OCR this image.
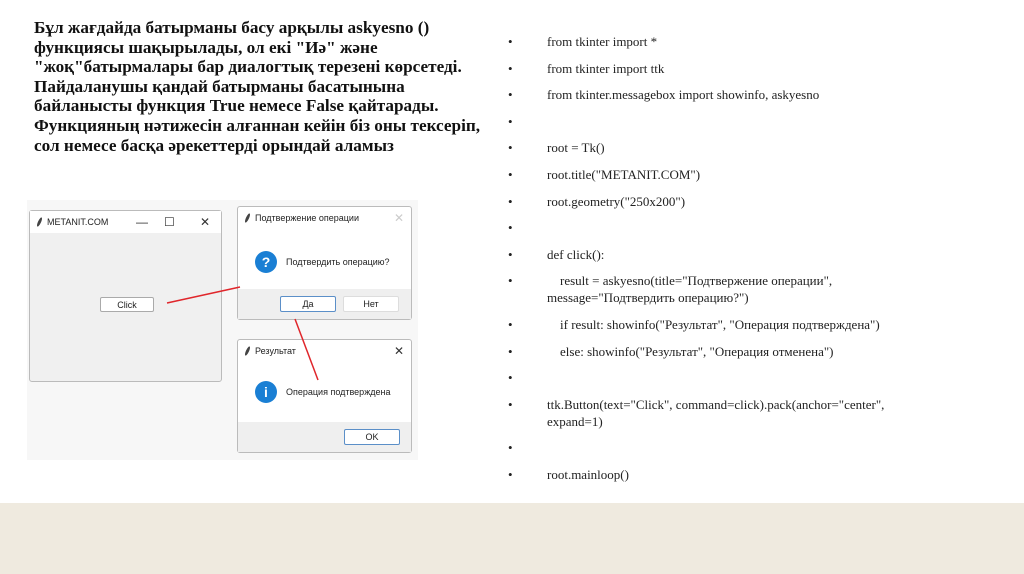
Бұл жағдайда батырманы басу арқылы askyesno () функциясы шақырылады, ол екі "Иә" және "жоқ"батырмалары бар диалогтық терезені көрсетеді. Пайдаланушы қандай батырманы басатынына байланысты функция True немесе False қайтарады. Функцияның нәтижесін алғаннан кейін біз оны тексеріп, сол немесе басқа әрекеттерді орындай аламыз
• from tkinter import *
• from tkinter import ttk
• from tkinter.messagebox import showinfo, askyesno
•
• root = Tk()
• root.title("METANIT.COM")
• root.geometry("250x200")
•
• def click():
•     result = askyesno(title="Подтвержение операции", message="Подтвердить операцию?")
•     if result: showinfo("Результат", "Операция подтверждена")
•     else: showinfo("Результат", "Операция отменена")
•
• ttk.Button(text="Click", command=click).pack(anchor="center", expand=1)
•
• root.mainloop()
METANIT.COM — ☐ ✕
Click
Подтвержение операции	✕
?	Подтвердить операцию?
Да	Нет
Результат	✕
i	Операция подтверждена
OK
